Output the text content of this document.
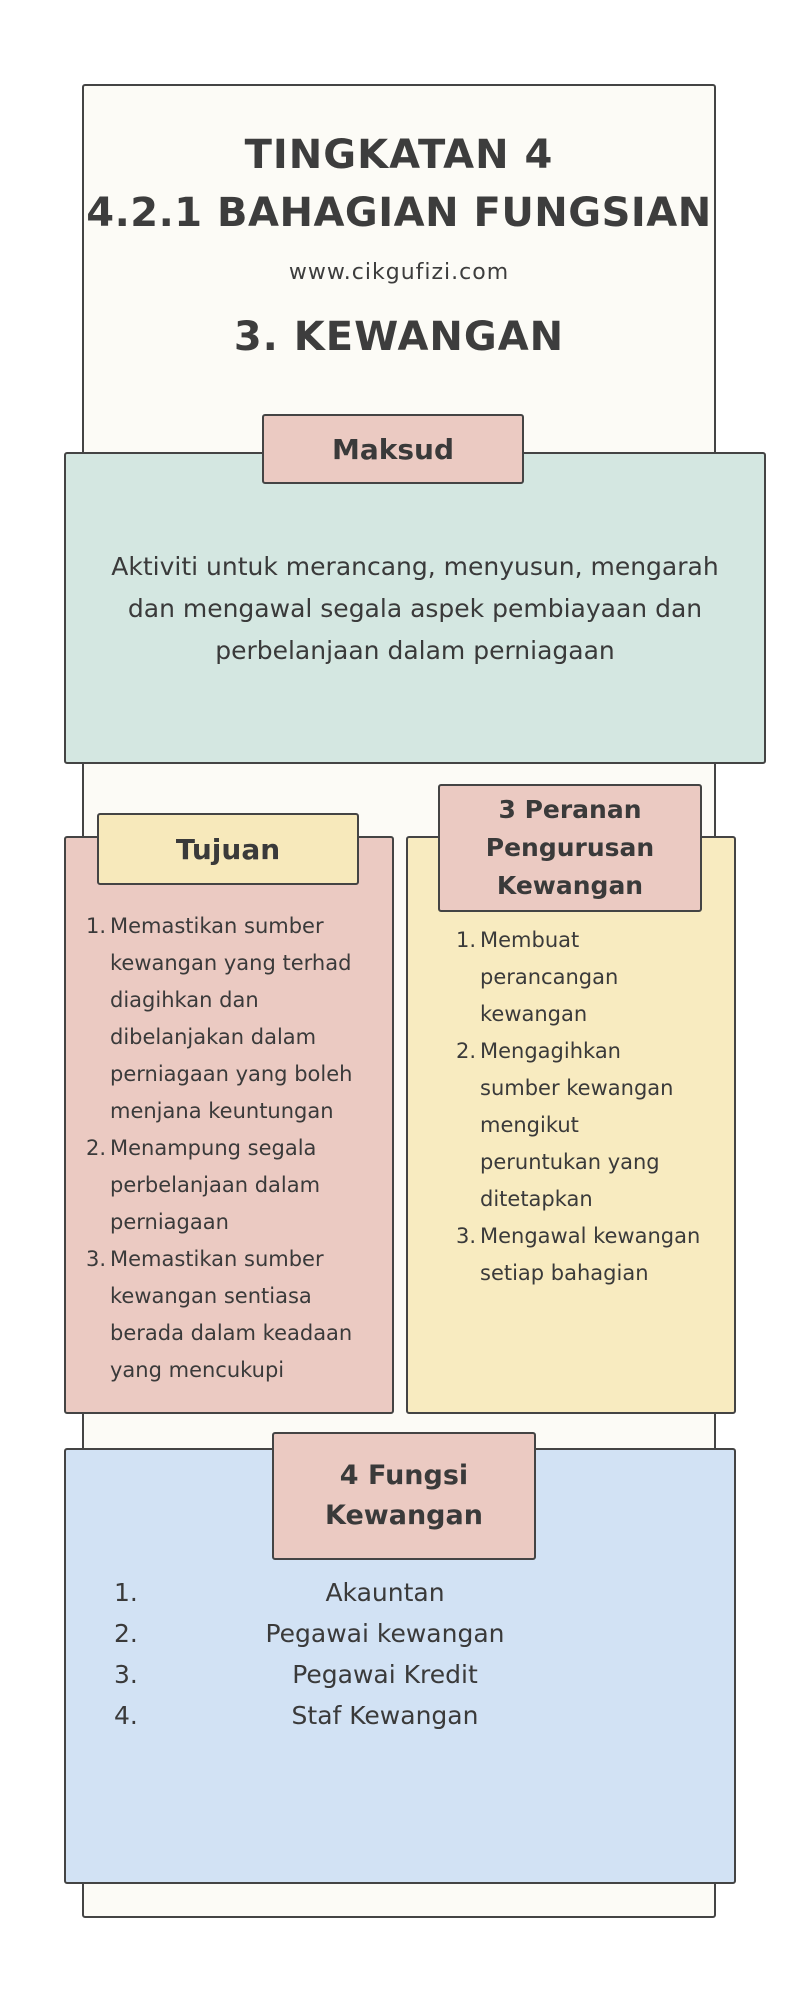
TINGKATAN 4
4.2.1 BAHAGIAN FUNGSIAN
www.cikgufizi.com
3. KEWANGAN
Maksud
Aktiviti untuk merancang, menyusun, mengarah dan mengawal segala aspek pembiayaan dan perbelanjaan dalam perniagaan
Tujuan
1. Memastikan sumber kewangan yang terhad diagihkan dan dibelanjakan dalam perniagaan yang boleh menjana keuntungan
2. Menampung segala perbelanjaan dalam perniagaan
3. Memastikan sumber kewangan sentiasa berada dalam keadaan yang mencukupi
3 Peranan
Pengurusan
Kewangan
1. Membuat perancangan kewangan
2. Mengagihkan sumber kewangan mengikut peruntukan yang ditetapkan
3. Mengawal kewangan setiap bahagian
4 Fungsi
Kewangan
1.	Akauntan
2.	Pegawai kewangan
3.	Pegawai Kredit
4.	Staf Kewangan
